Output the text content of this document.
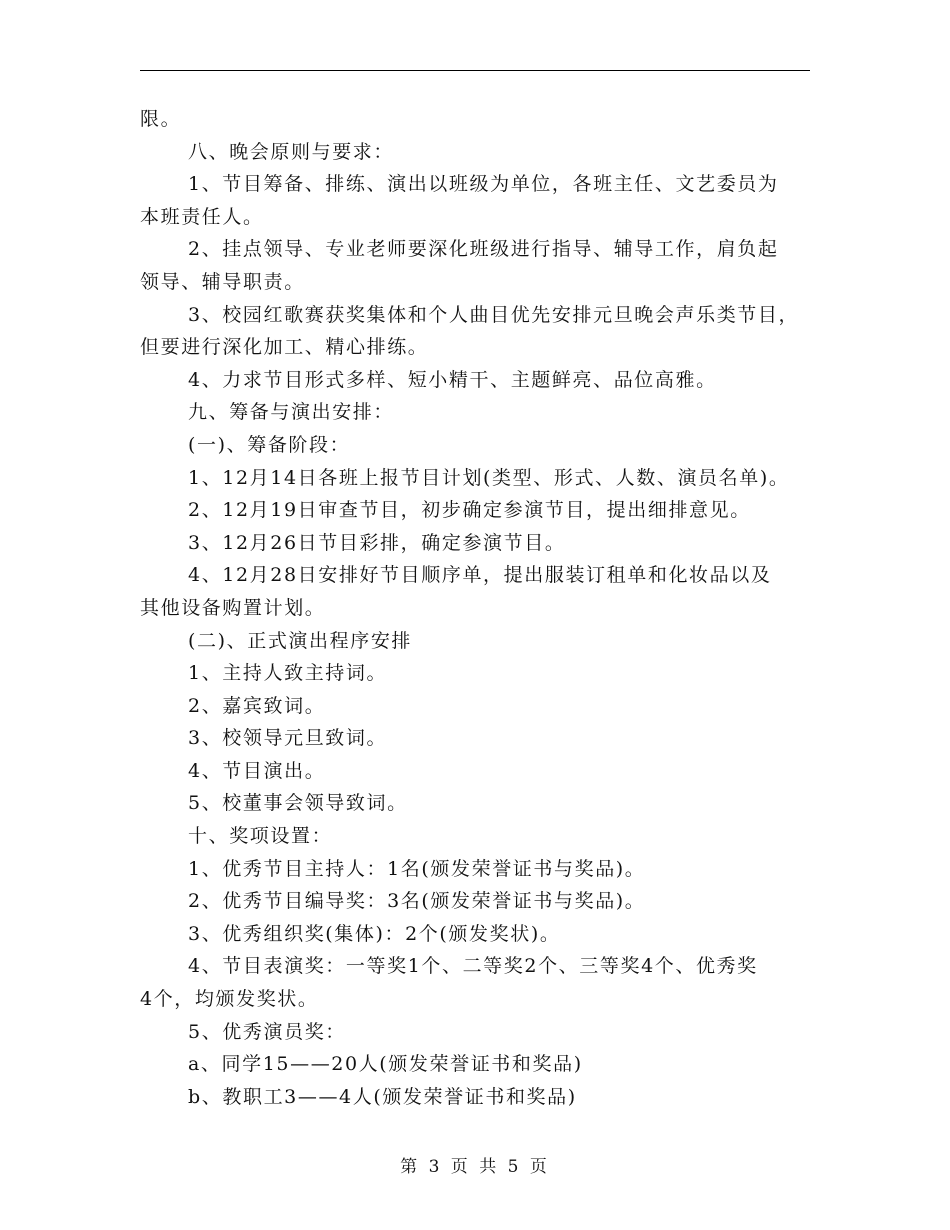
限。
八、晚会原则与要求：
1、节目筹备、排练、演出以班级为单位，各班主任、文艺委员为
本班责任人。
2、挂点领导、专业老师要深化班级进行指导、辅导工作，肩负起
领导、辅导职责。
3、校园红歌赛获奖集体和个人曲目优先安排元旦晚会声乐类节目，
但要进行深化加工、精心排练。
4、力求节目形式多样、短小精干、主题鲜亮、品位高雅。
九、筹备与演出安排：
(一)、筹备阶段：
1、12月14日各班上报节目计划(类型、形式、人数、演员名单)。
2、12月19日审查节目，初步确定参演节目，提出细排意见。
3、12月26日节目彩排，确定参演节目。
4、12月28日安排好节目顺序单，提出服装订租单和化妆品以及
其他设备购置计划。
(二)、正式演出程序安排
1、主持人致主持词。
2、嘉宾致词。
3、校领导元旦致词。
4、节目演出。
5、校董事会领导致词。
十、奖项设置：
1、优秀节目主持人：1名(颁发荣誉证书与奖品)。
2、优秀节目编导奖：3名(颁发荣誉证书与奖品)。
3、优秀组织奖(集体)：2个(颁发奖状)。
4、节目表演奖：一等奖1个、二等奖2个、三等奖4个、优秀奖
4个，均颁发奖状。
5、优秀演员奖：
a、同学15——20人(颁发荣誉证书和奖品)
b、教职工3——4人(颁发荣誉证书和奖品)
第 3 页 共 5 页
